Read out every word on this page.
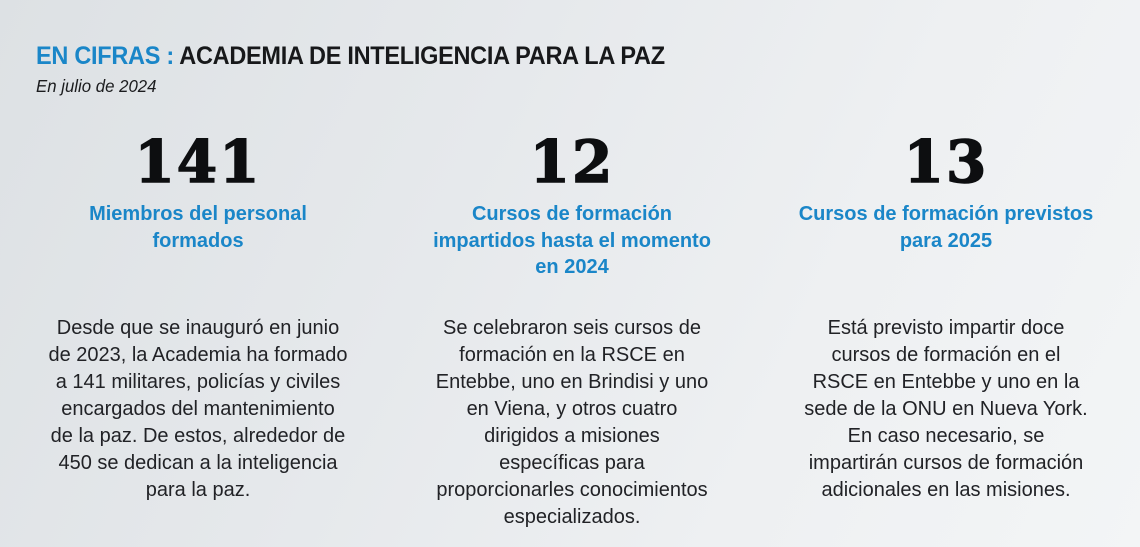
EN CIFRAS : ACADEMIA DE INTELIGENCIA PARA LA PAZ
En julio de 2024
141
Miembros del personal
formados
Desde que se inauguró en junio
de 2023, la Academia ha formado
a 141 militares, policías y civiles
encargados del mantenimiento
de la paz. De estos, alrededor de
450 se dedican a la inteligencia
para la paz.
12
Cursos de formación
impartidos hasta el momento
en 2024
Se celebraron seis cursos de
formación en la RSCE en
Entebbe, uno en Brindisi y uno
en Viena, y otros cuatro
dirigidos a misiones
específicas para
proporcionarles conocimientos
especializados.
13
Cursos de formación previstos
para 2025
Está previsto impartir doce
cursos de formación en el
RSCE en Entebbe y uno en la
sede de la ONU en Nueva York.
En caso necesario, se
impartirán cursos de formación
adicionales en las misiones.
